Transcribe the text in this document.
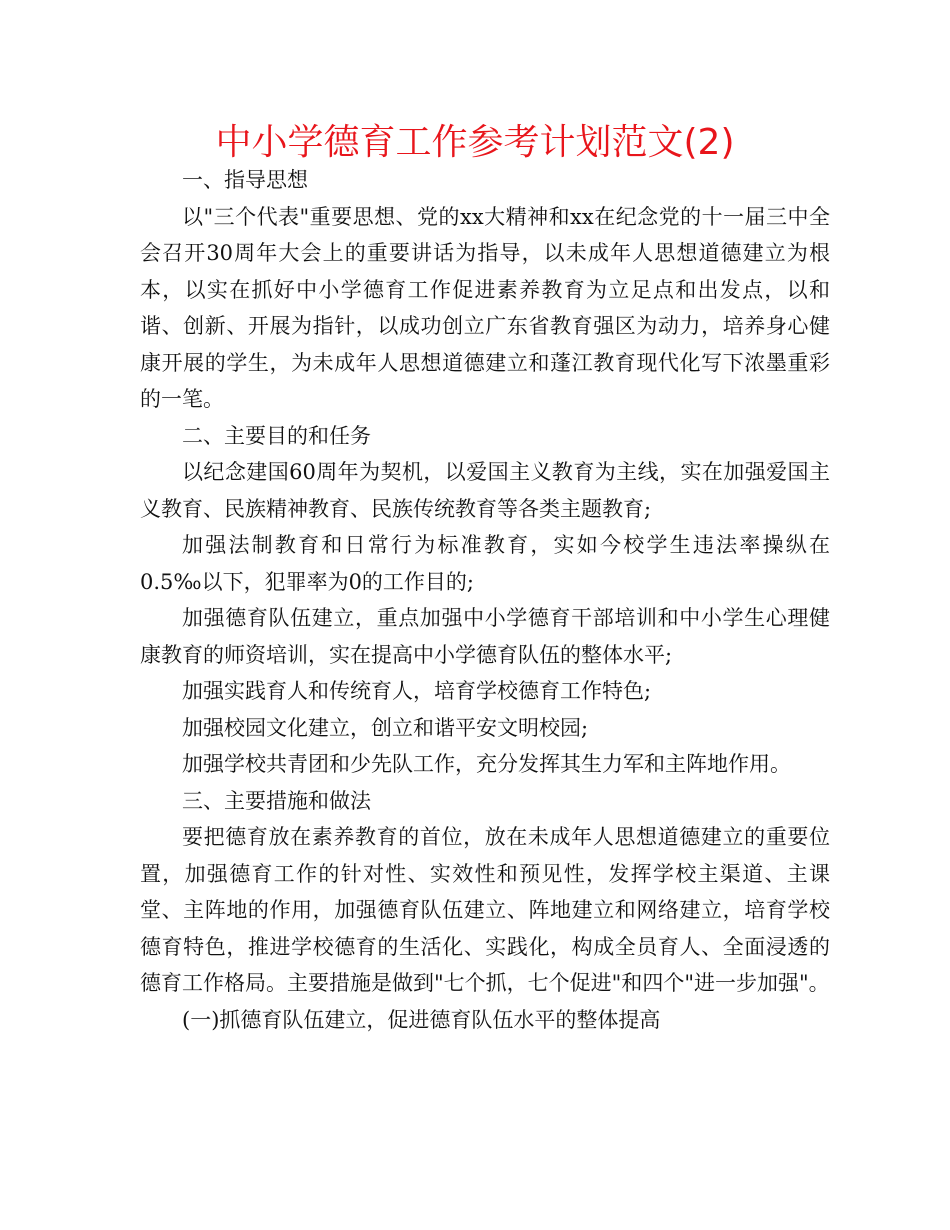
中小学德育工作参考计划范文(2)

一、指导思想

以"三个代表"重要思想、党的xx大精神和xx在纪念党的十一届三中全会召开30周年大会上的重要讲话为指导，以未成年人思想道德建立为根本，以实在抓好中小学德育工作促进素养教育为立足点和出发点，以和谐、创新、开展为指针，以成功创立广东省教育强区为动力，培养身心健康开展的学生，为未成年人思想道德建立和蓬江教育现代化写下浓墨重彩的一笔。

二、主要目的和任务

以纪念建国60周年为契机，以爱国主义教育为主线，实在加强爱国主义教育、民族精神教育、民族传统教育等各类主题教育;

加强法制教育和日常行为标准教育，实如今校学生违法率操纵在0.5‰以下，犯罪率为0的工作目的;

加强德育队伍建立，重点加强中小学德育干部培训和中小学生心理健康教育的师资培训，实在提高中小学德育队伍的整体水平;

加强实践育人和传统育人，培育学校德育工作特色;

加强校园文化建立，创立和谐平安文明校园;

加强学校共青团和少先队工作，充分发挥其生力军和主阵地作用。

三、主要措施和做法

要把德育放在素养教育的首位，放在未成年人思想道德建立的重要位置，加强德育工作的针对性、实效性和预见性，发挥学校主渠道、主课堂、主阵地的作用，加强德育队伍建立、阵地建立和网络建立，培育学校德育特色，推进学校德育的生活化、实践化，构成全员育人、全面浸透的德育工作格局。主要措施是做到"七个抓，七个促进"和四个"进一步加强"。

(一)抓德育队伍建立，促进德育队伍水平的整体提高
